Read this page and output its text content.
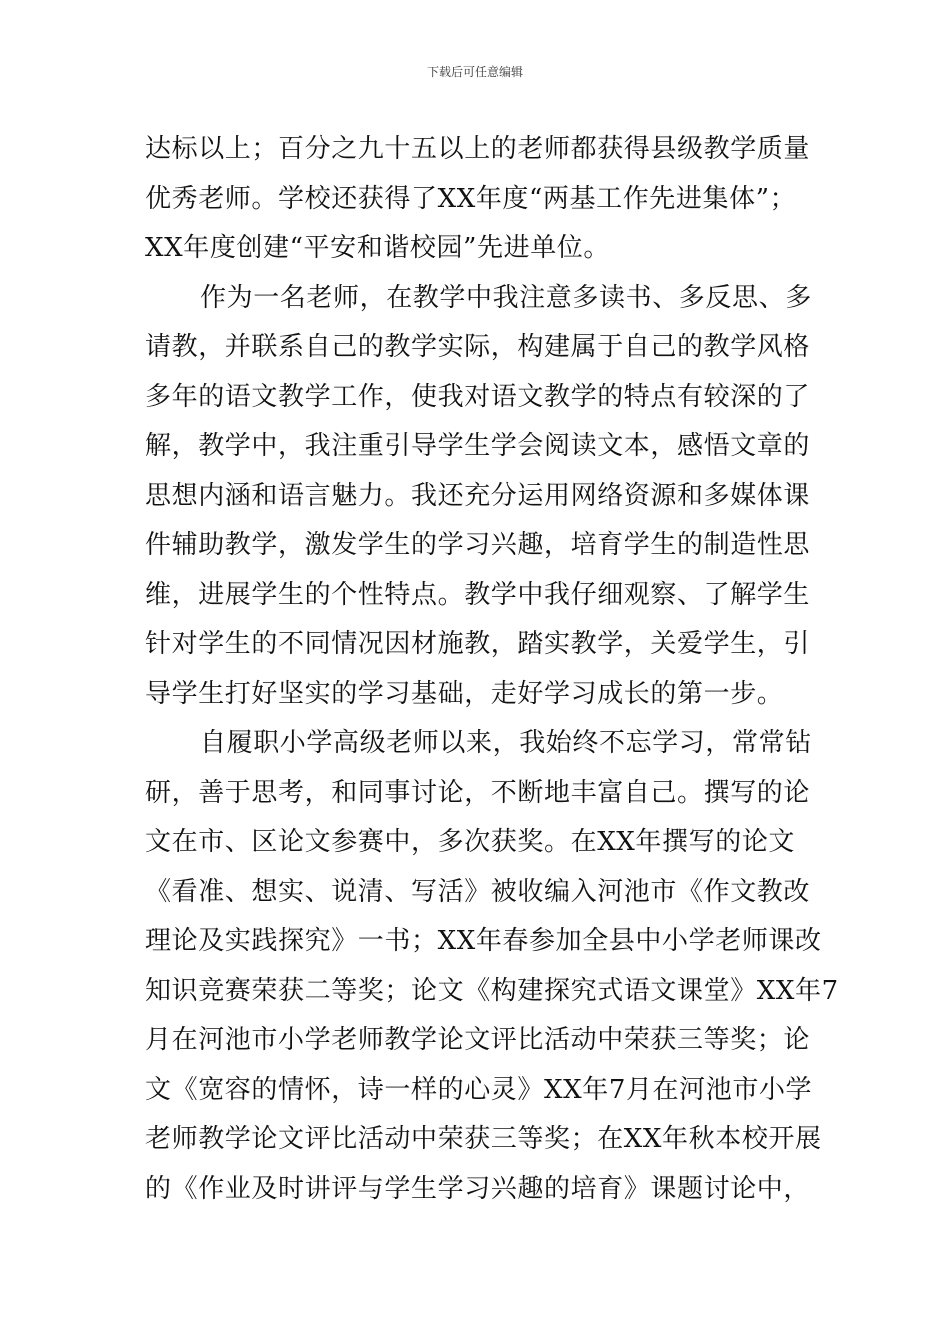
下载后可任意编辑
达标以上；百分之九十五以上的老师都获得县级教学质量
优秀老师。学校还获得了XX年度“两基工作先进集体”；
XX年度创建“平安和谐校园”先进单位。
作为一名老师，在教学中我注意多读书、多反思、多
请教，并联系自己的教学实际，构建属于自己的教学风格
多年的语文教学工作，使我对语文教学的特点有较深的了
解，教学中，我注重引导学生学会阅读文本，感悟文章的
思想内涵和语言魅力。我还充分运用网络资源和多媒体课
件辅助教学，激发学生的学习兴趣，培育学生的制造性思
维，进展学生的个性特点。教学中我仔细观察、了解学生
针对学生的不同情况因材施教，踏实教学，关爱学生，引
导学生打好坚实的学习基础，走好学习成长的第一步。
自履职小学高级老师以来，我始终不忘学习，常常钻
研，善于思考，和同事讨论，不断地丰富自己。撰写的论
文在市、区论文参赛中，多次获奖。在XX年撰写的论文
《看准、想实、说清、写活》被收编入河池市《作文教改
理论及实践探究》一书；XX年春参加全县中小学老师课改
知识竞赛荣获二等奖；论文《构建探究式语文课堂》XX年7
月在河池市小学老师教学论文评比活动中荣获三等奖；论
文《宽容的情怀，诗一样的心灵》XX年7月在河池市小学
老师教学论文评比活动中荣获三等奖；在XX年秋本校开展
的《作业及时讲评与学生学习兴趣的培育》课题讨论中，
